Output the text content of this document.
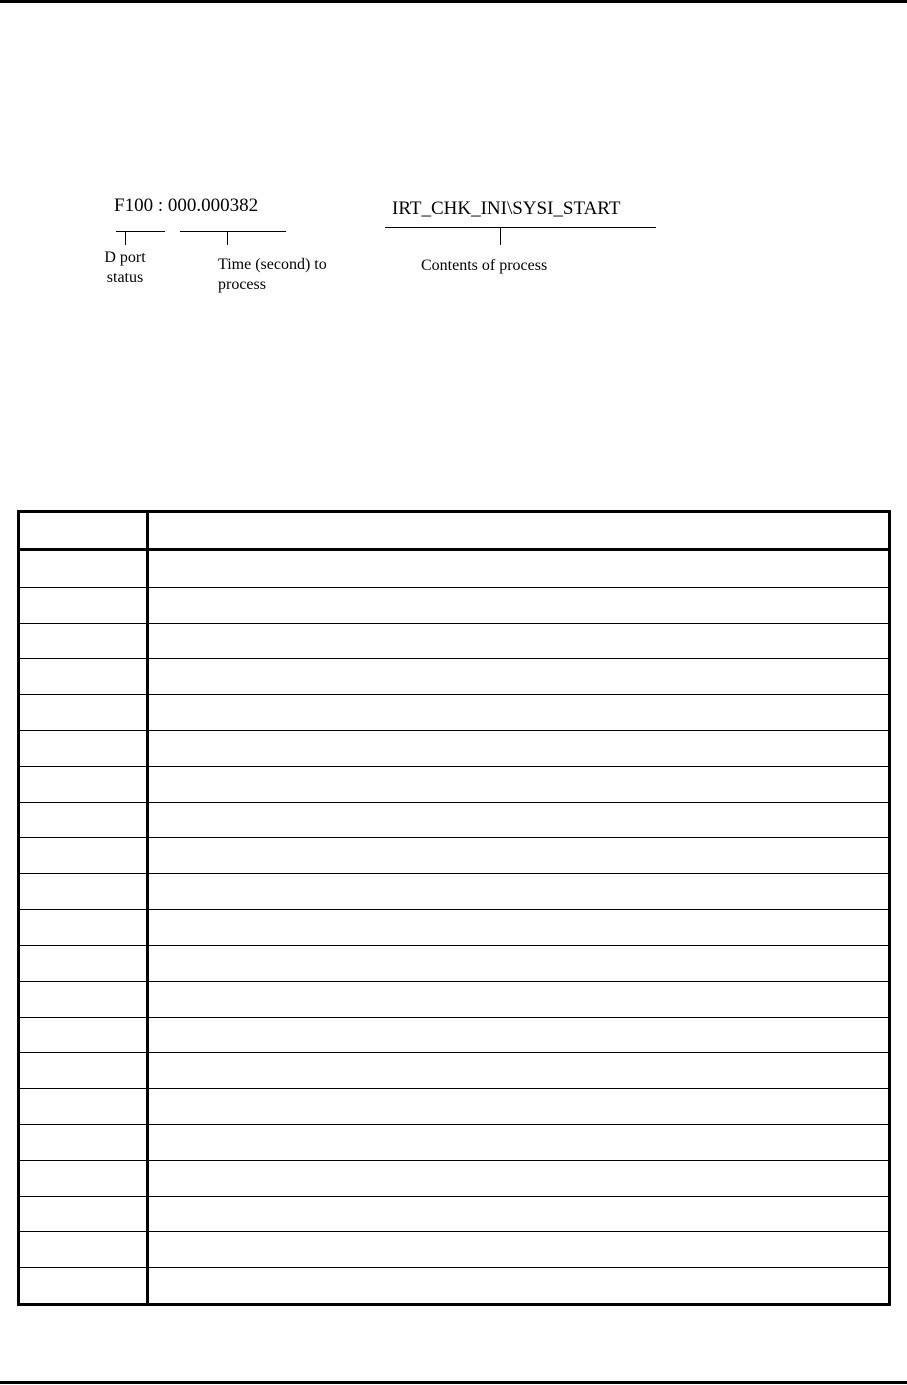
F100 : 000.000382	IRT_CHK_INI\SYSI_START
D port
status
Time (second) to
process
Contents of process
